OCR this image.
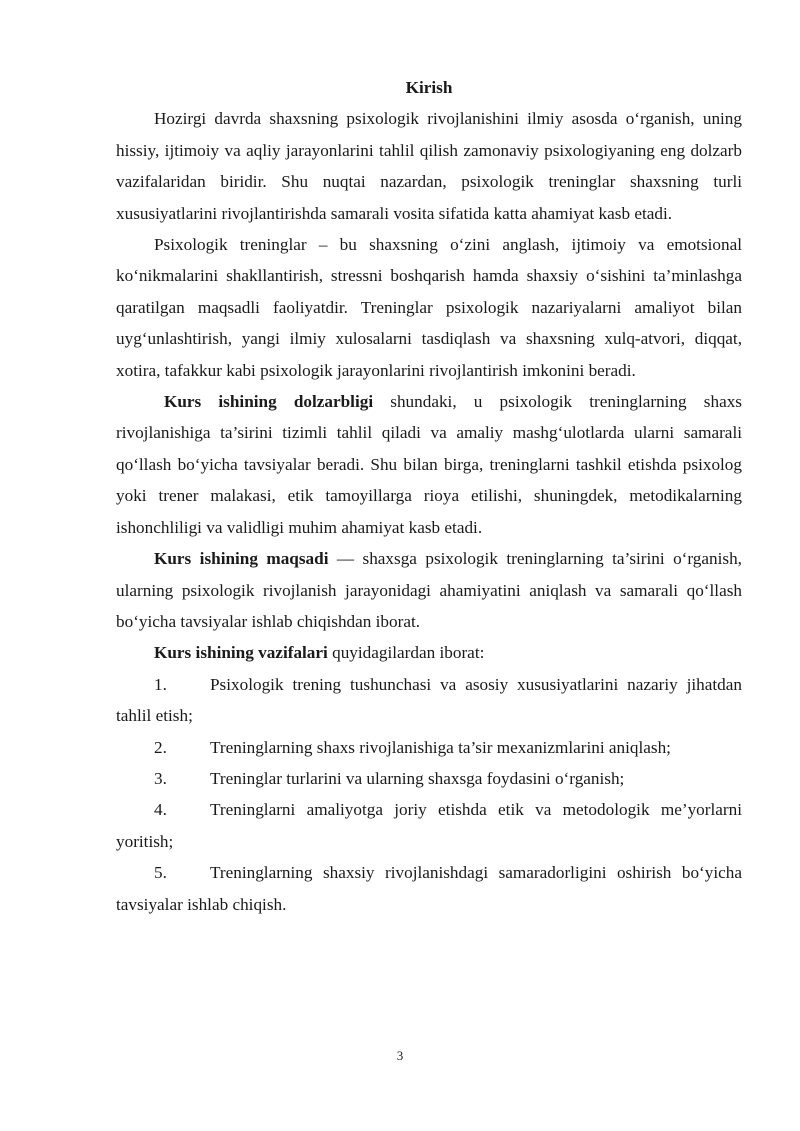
Kirish

Hozirgi davrda shaxsning psixologik rivojlanishini ilmiy asosda o‘rganish, uning hissiy, ijtimoiy va aqliy jarayonlarini tahlil qilish zamonaviy psixologiyaning eng dolzarb vazifalaridan biridir. Shu nuqtai nazardan, psixologik treninglar shaxsning turli xususiyatlarini rivojlantirishda samarali vosita sifatida katta ahamiyat kasb etadi.

Psixologik treninglar – bu shaxsning o‘zini anglash, ijtimoiy va emotsional ko‘nikmalarini shakllantirish, stressni boshqarish hamda shaxsiy o‘sishini ta’minlashga qaratilgan maqsadli faoliyatdir. Treninglar psixologik nazariyalarni amaliyot bilan uyg‘unlashtirish, yangi ilmiy xulosalarni tasdiqlash va shaxsning xulq-atvori, diqqat, xotira, tafakkur kabi psixologik jarayonlarini rivojlantirish imkonini beradi.

Kurs ishining dolzarbligi shundaki, u psixologik treninglarning shaxs rivojlanishiga ta’sirini tizimli tahlil qiladi va amaliy mashg‘ulotlarda ularni samarali qo‘llash bo‘yicha tavsiyalar beradi. Shu bilan birga, treninglarni tashkil etishda psixolog yoki trener malakasi, etik tamoyillarga rioya etilishi, shuningdek, metodikalarning ishonchliligi va validligi muhim ahamiyat kasb etadi.

Kurs ishining maqsadi — shaxsga psixologik treninglarning ta’sirini o‘rganish, ularning psixologik rivojlanish jarayonidagi ahamiyatini aniqlash va samarali qo‘llash bo‘yicha tavsiyalar ishlab chiqishdan iborat.

Kurs ishining vazifalari quyidagilardan iborat:

1.	Psixologik trening tushunchasi va asosiy xususiyatlarini nazariy jihatdan tahlil etish;

2.	Treninglarning shaxs rivojlanishiga ta’sir mexanizmlarini aniqlash;

3.	Treninglar turlarini va ularning shaxsga foydasini o‘rganish;

4.	Treninglarni amaliyotga joriy etishda etik va metodologik me’yorlarni yoritish;

5.	Treninglarning shaxsiy rivojlanishdagi samaradorligini oshirish bo‘yicha tavsiyalar ishlab chiqish.

3
